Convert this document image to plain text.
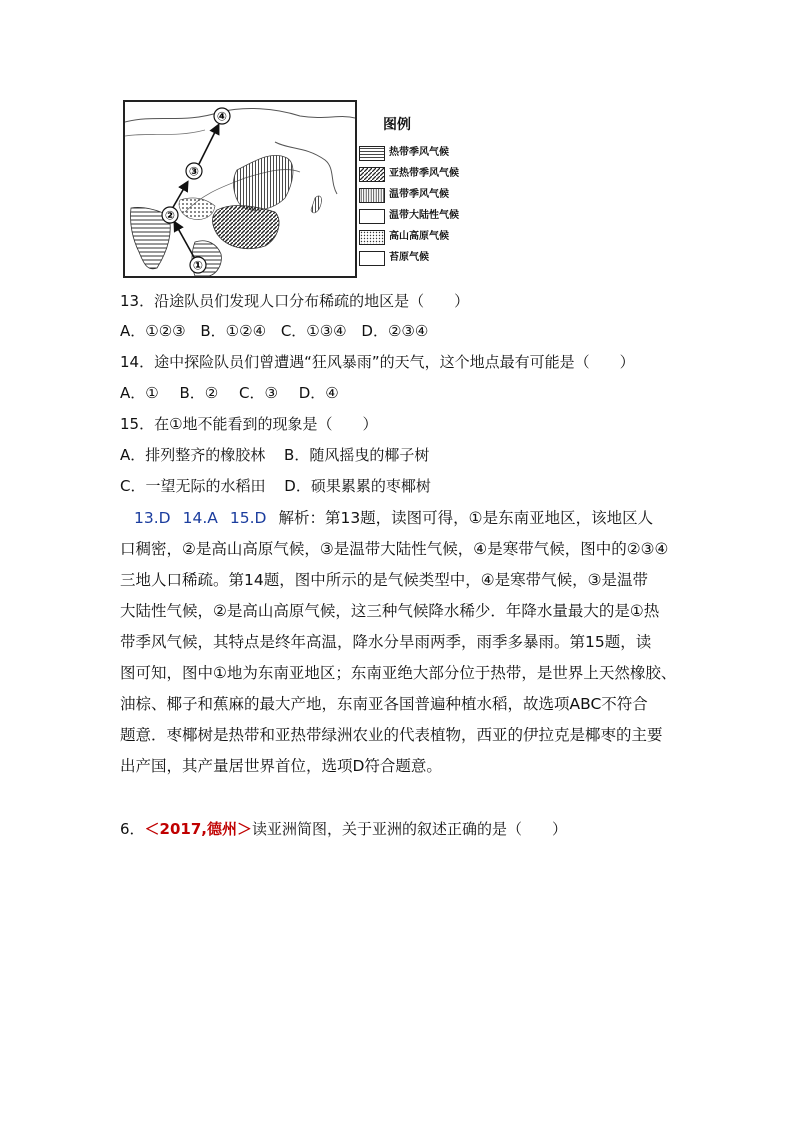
①
②
③
④
图例
热带季风气候
亚热带季风气候
温带季风气候
温带大陆性气候
高山高原气候
苔原气候
13．沿途队员们发现人口分布稀疏的地区是（　　）
A．①②③ B．①②④ C．①③④ D．②③④
14．途中探险队员们曾遭遇“狂风暴雨”的天气，这个地点最有可能是（　　）
A．① B．② C．③ D．④
15．在①地不能看到的现象是（　　）
A．排列整齐的橡胶林 B．随风摇曳的椰子树
C．一望无际的水稻田 D．硕果累累的枣椰树
13.D 14.A 15.D 解析：第13题，读图可得，①是东南亚地区，该地区人
口稠密，②是高山高原气候，③是温带大陆性气候，④是寒带气候，图中的②③④
三地人口稀疏。第14题，图中所示的是气候类型中，④是寒带气候，③是温带
大陆性气候，②是高山高原气候，这三种气候降水稀少．年降水量最大的是①热
带季风气候，其特点是终年高温，降水分旱雨两季，雨季多暴雨。第15题，读
图可知，图中①地为东南亚地区；东南亚绝大部分位于热带，是世界上天然橡胶、
油棕、椰子和蕉麻的最大产地，东南亚各国普遍种植水稻，故选项ABC不符合
题意．枣椰树是热带和亚热带绿洲农业的代表植物，西亚的伊拉克是椰枣的主要
出产国，其产量居世界首位，选项D符合题意。
6．＜2017,德州＞读亚洲简图，关于亚洲的叙述正确的是（　　）
